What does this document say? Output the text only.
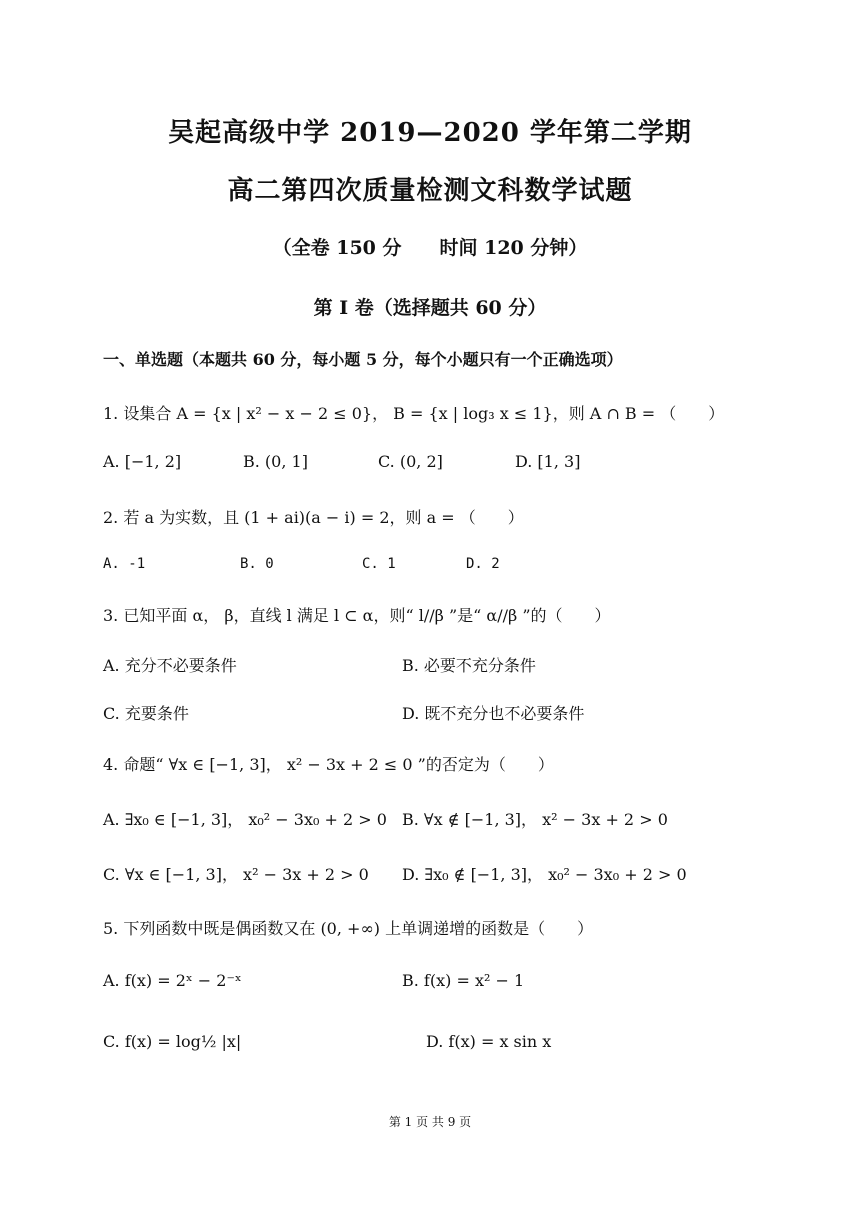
吴起高级中学 2019—2020 学年第二学期
高二第四次质量检测文科数学试题
（全卷 150 分　　时间 120 分钟）
第 I 卷（选择题共 60 分）
一、单选题（本题共 60 分，每小题 5 分，每个小题只有一个正确选项）
1. 设集合 A = {x | x² − x − 2 ≤ 0}， B = {x | log₃ x ≤ 1}，则 A ∩ B = （　　）
A. [−1, 2]	B. (0, 1]	C. (0, 2]	D. [1, 3]
2. 若 a 为实数，且 (1 + ai)(a − i) = 2，则 a = （　　）
A. -1	B. 0	C. 1	D. 2
3. 已知平面 α， β，直线 l 满足 l ⊂ α，则“ l//β ”是“ α//β ”的（　　）
A. 充分不必要条件	B. 必要不充分条件
C. 充要条件	D. 既不充分也不必要条件
4. 命题“ ∀x ∈ [−1, 3]， x² − 3x + 2 ≤ 0 ”的否定为（　　）
A. ∃x₀ ∈ [−1, 3]， x₀² − 3x₀ + 2 > 0 B. ∀x ∉ [−1, 3]， x² − 3x + 2 > 0
C. ∀x ∈ [−1, 3]， x² − 3x + 2 > 0 D. ∃x₀ ∉ [−1, 3]， x₀² − 3x₀ + 2 > 0
5. 下列函数中既是偶函数又在 (0, +∞) 上单调递增的函数是（　　）
A. f(x) = 2ˣ − 2⁻ˣ	B. f(x) = x² − 1
C. f(x) = log½ |x|	D. f(x) = x sin x
第 1 页 共 9 页
